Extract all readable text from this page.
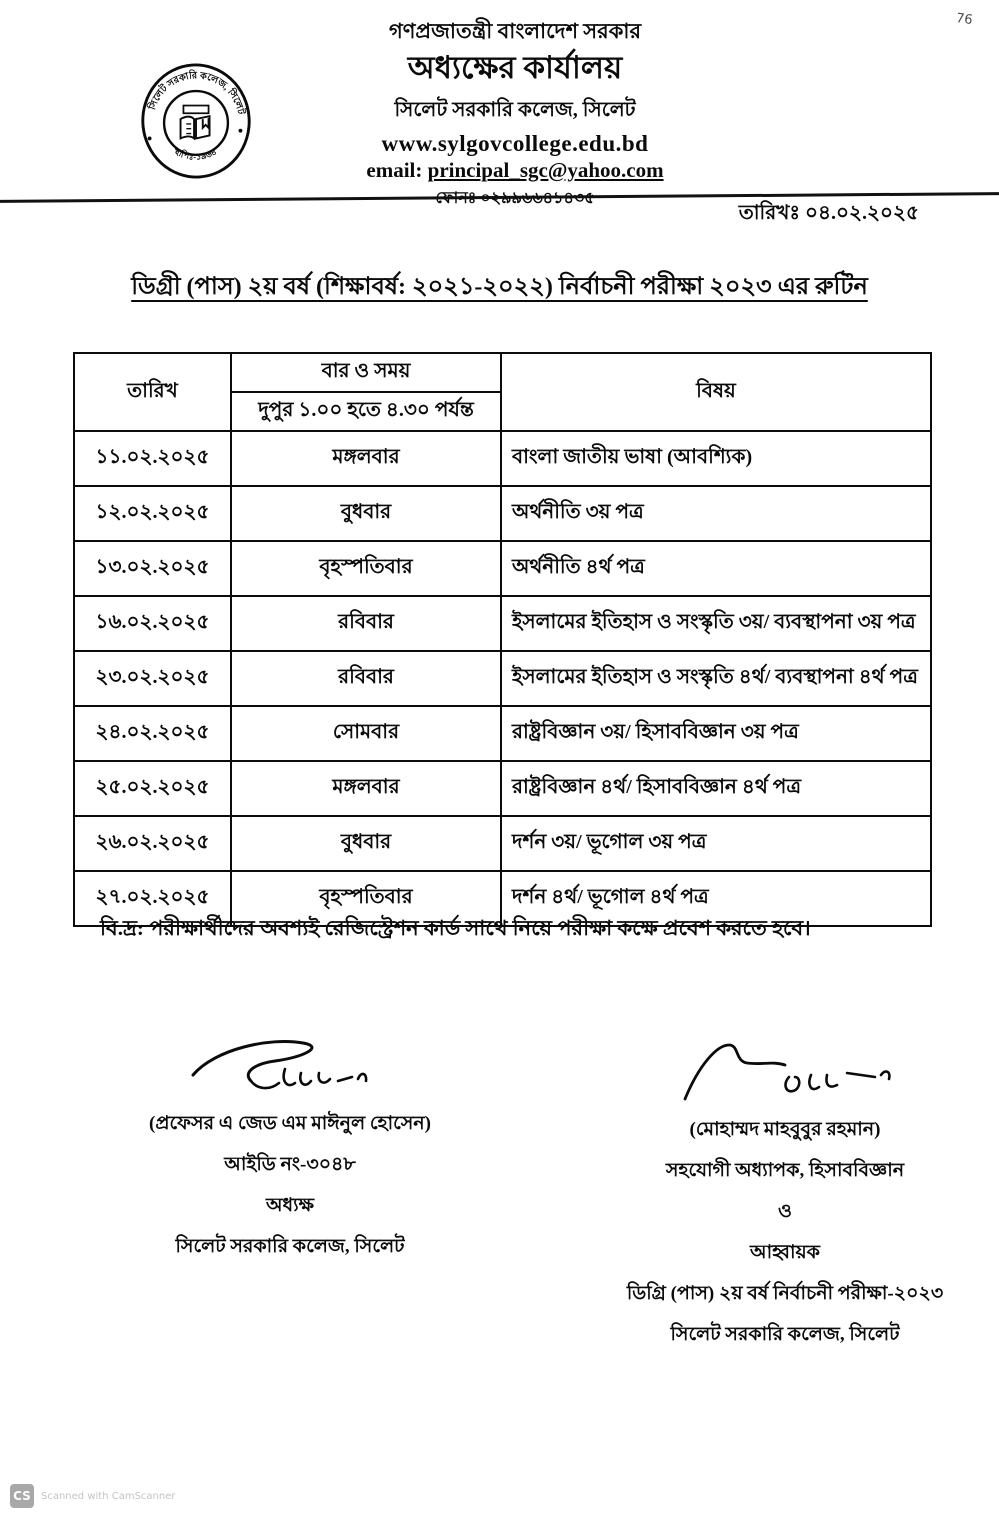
76
সিলেট সরকারি কলেজ, সিলেট
স্থাপিঃ-১৯৬৪
গণপ্রজাতন্ত্রী বাংলাদেশ সরকার
অধ্যক্ষের কার্যালয়
সিলেট সরকারি কলেজ, সিলেট
www.sylgovcollege.edu.bd
email: principal_sgc@yahoo.com
তারিখঃ ০৪.০২.২০২৫
ডিগ্রী (পাস) ২য় বর্ষ (শিক্ষাবর্ষ: ২০২১-২০২২) নির্বাচনী পরীক্ষা ২০২৩ এর রুটিন
তারিখ	বার ও সময়	বিষয়
	দুপুর ১.০০ হতে ৪.৩০ পর্যন্ত	
১১.০২.২০২৫	মঙ্গলবার	বাংলা জাতীয় ভাষা (আবশ্যিক)
১২.০২.২০২৫	বুধবার	অর্থনীতি ৩য় পত্র
১৩.০২.২০২৫	বৃহস্পতিবার	অর্থনীতি ৪র্থ পত্র
১৬.০২.২০২৫	রবিবার	ইসলামের ইতিহাস ও সংস্কৃতি ৩য়/ ব্যবস্থাপনা ৩য় পত্র
২৩.০২.২০২৫	রবিবার	ইসলামের ইতিহাস ও সংস্কৃতি ৪র্থ/ ব্যবস্থাপনা ৪র্থ পত্র
২৪.০২.২০২৫	সোমবার	রাষ্ট্রবিজ্ঞান ৩য়/ হিসাববিজ্ঞান ৩য় পত্র
২৫.০২.২০২৫	মঙ্গলবার	রাষ্ট্রবিজ্ঞান ৪র্থ/ হিসাববিজ্ঞান ৪র্থ পত্র
২৬.০২.২০২৫	বুধবার	দর্শন ৩য়/ ভূগোল ৩য় পত্র
২৭.০২.২০২৫	বৃহস্পতিবার	দর্শন ৪র্থ/ ভূগোল ৪র্থ পত্র
বি.দ্র: পরীক্ষার্থীদের অবশ্যই রেজিস্ট্রেশন কার্ড সাথে নিয়ে পরীক্ষা কক্ষে প্রবেশ করতে হবে।
(প্রফেসর এ জেড এম মাঈনুল হোসেন)
আইডি নং-৩০৪৮
অধ্যক্ষ
সিলেট সরকারি কলেজ, সিলেট
(মোহাম্মদ মাহবুবুর রহমান)
সহযোগী অধ্যাপক, হিসাববিজ্ঞান
ও
আহ্বায়ক
ডিগ্রি (পাস) ২য় বর্ষ নির্বাচনী পরীক্ষা-২০২৩
সিলেট সরকারি কলেজ, সিলেট
CS	Scanned with CamScanner
